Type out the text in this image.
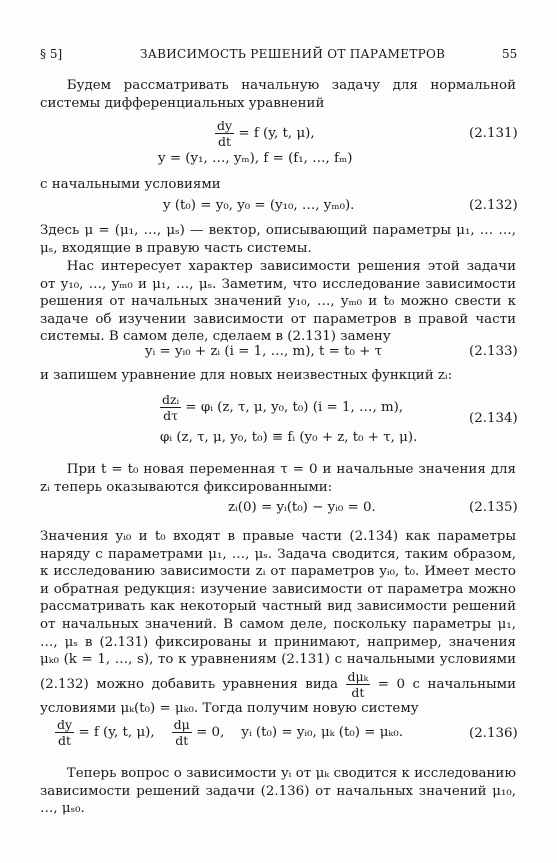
§ 5]	ЗАВИСИМОСТЬ РЕШЕНИЙ ОТ ПАРАМЕТРОВ	55

Будем рассматривать начальную задачу для нормальной системы дифференциальных уравнений

$\frac{dy}{dt} = f$ (y, t, μ),	(2.131)
y = (y₁, …, yₘ), f = (f₁, …, fₘ)
с начальными условиями
y (t₀) = y₀, y₀ = (y₁₀, …, yₘ₀).	(2.132)

Здесь μ = (μ₁, …, μₛ) — вектор, описывающий параметры μ₁, … …, μₛ, входящие в правую часть системы.

Нас интересует характер зависимости решения этой задачи от y₁₀, …, yₘ₀ и μ₁, …, μₛ. Заметим, что исследование зависимости решения от начальных значений y₁₀, …, yₘ₀ и t₀ можно свести к задаче об изучении зависимости от параметров в правой части системы. В самом деле, сделаем в (2.131) замену

yᵢ = yᵢ₀ + zᵢ (i = 1, …, m), t = t₀ + τ	(2.133)
и запишем уравнение для новых неизвестных функций zᵢ:
$\frac{\text{dzᵢ}}{d\tau}$ = φᵢ (z, τ, μ, y₀, t₀) (i = 1, …, m),
(2.134)
φᵢ (z, τ, μ, y₀, t₀) ≡ fᵢ (y₀ + z, t₀ + τ, μ).

При t = t₀ новая переменная τ = 0 и начальные значения для zᵢ теперь оказываются фиксированными:

zᵢ(0) = yᵢ(t₀) − yᵢ₀ = 0.	(2.135)

Значения yᵢ₀ и t₀ входят в правые части (2.134) как параметры наряду с параметрами μ₁, …, μₛ. Задача сводится, таким образом, к исследованию зависимости zᵢ от параметров yᵢ₀, t₀. Имеет место и обратная редукция: изучение зависимости от параметра можно рассматривать как некоторый частный вид зависимости решений от начальных значений. В самом деле, поскольку параметры μ₁, …, μₛ в (2.131) фиксированы и принимают, например, значения μₖ₀ (k = 1, …, s), то к уравнениям (2.131) с начальными условиями (2.132) можно добавить уравнения вида $\frac{\text{dμₖ}}{dt} = 0$ с начальными условиями μₖ(t₀) = μₖ₀. Тогда получим новую систему

$\frac{dy}{dt} = f$ (y, t, μ), $\frac{d\mu}{dt} = 0$, yᵢ (t₀) = yᵢ₀, μₖ (t₀) = μₖ₀.	(2.136)

Теперь вопрос о зависимости yᵢ от μₖ сводится к исследованию зависимости решений задачи (2.136) от начальных значений μ₁₀, …, μₛ₀.
